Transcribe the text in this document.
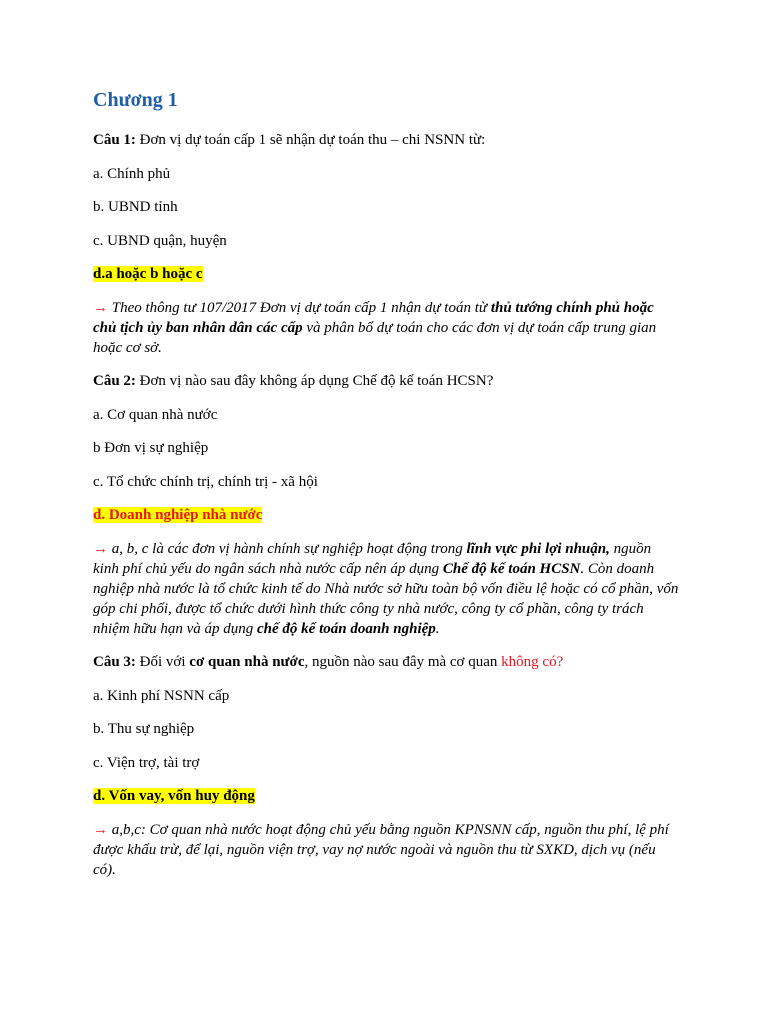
Chương 1
Câu 1: Đơn vị dự toán cấp 1 sẽ nhận dự toán thu – chi NSNN từ:
a. Chính phủ
b. UBND tỉnh
c. UBND quận, huyện
d.a hoặc b hoặc c
→ Theo thông tư 107/2017 Đơn vị dự toán cấp 1 nhận dự toán từ thủ tướng chính phủ hoặc chủ tịch ủy ban nhân dân các cấp và phân bổ dự toán cho các đơn vị dự toán cấp trung gian hoặc cơ sở.
Câu 2: Đơn vị nào sau đây không áp dụng Chế độ kế toán HCSN?
a. Cơ quan nhà nước
b Đơn vị sự nghiệp
c. Tổ chức chính trị, chính trị - xã hội
d. Doanh nghiệp nhà nước
→ a, b, c là các đơn vị hành chính sự nghiệp hoạt động trong lĩnh vực phi lợi nhuận, nguồn kinh phí chủ yếu do ngân sách nhà nước cấp nên áp dụng Chế độ kế toán HCSN. Còn doanh nghiệp nhà nước là tổ chức kinh tế do Nhà nước sở hữu toàn bộ vốn điều lệ hoặc có cổ phần, vốn góp chi phối, được tổ chức dưới hình thức công ty nhà nước, công ty cổ phần, công ty trách nhiệm hữu hạn và áp dụng chế độ kế toán doanh nghiệp.
Câu 3: Đối với cơ quan nhà nước, nguồn nào sau đây mà cơ quan không có?
a. Kinh phí NSNN cấp
b. Thu sự nghiệp
c. Viện trợ, tài trợ
d. Vốn vay, vốn huy động
→ a,b,c: Cơ quan nhà nước hoạt động chủ yếu bằng nguồn KPNSNN cấp, nguồn thu phí, lệ phí được khấu trừ, để lại, nguồn viện trợ, vay nợ nước ngoài và nguồn thu từ SXKD, dịch vụ (nếu có).
